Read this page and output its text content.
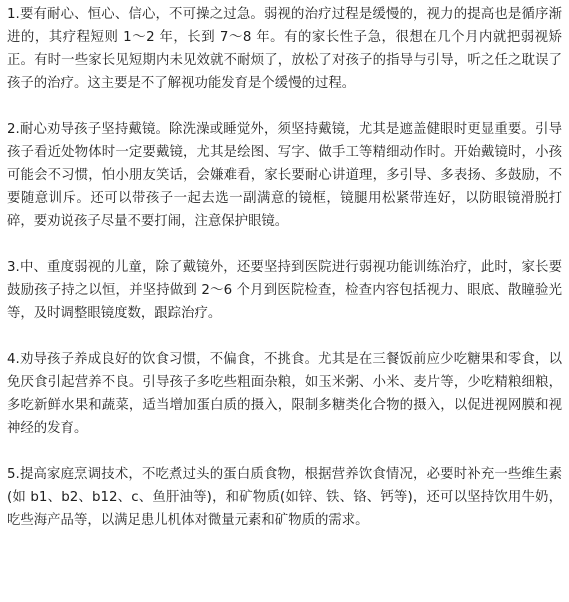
1.要有耐心、恒心、信心，不可操之过急。弱视的治疗过程是缓慢的，视力的提高也是循序渐进的，其疗程短则 1～2 年，长到 7～8 年。有的家长性子急，很想在几个月内就把弱视矫正。有时一些家长见短期内未见效就不耐烦了，放松了对孩子的指导与引导，听之任之耽误了孩子的治疗。这主要是不了解视功能发育是个缓慢的过程。

2.耐心劝导孩子坚持戴镜。除洗澡或睡觉外，须坚持戴镜，尤其是遮盖健眼时更显重要。引导孩子看近处物体时一定要戴镜，尤其是绘图、写字、做手工等精细动作时。开始戴镜时，小孩可能会不习惯，怕小朋友笑话，会嫌难看，家长要耐心讲道理，多引导、多表扬、多鼓励，不要随意训斥。还可以带孩子一起去选一副满意的镜框，镜腿用松紧带连好，以防眼镜滑脱打碎，要劝说孩子尽量不要打闹，注意保护眼镜。

3.中、重度弱视的儿童，除了戴镜外，还要坚持到医院进行弱视功能训练治疗，此时，家长要鼓励孩子持之以恒，并坚持做到 2～6 个月到医院检查，检查内容包括视力、眼底、散瞳验光等，及时调整眼镜度数，跟踪治疗。

4.劝导孩子养成良好的饮食习惯，不偏食，不挑食。尤其是在三餐饭前应少吃糖果和零食，以免厌食引起营养不良。引导孩子多吃些粗面杂粮，如玉米粥、小米、麦片等，少吃精粮细粮，多吃新鲜水果和蔬菜，适当增加蛋白质的摄入，限制多糖类化合物的摄入，以促进视网膜和视神经的发育。

5.提高家庭烹调技术，不吃煮过头的蛋白质食物，根据营养饮食情况，必要时补充一些维生素(如 b1、b2、b12、c、鱼肝油等)，和矿物质(如锌、铁、铬、钙等)，还可以坚持饮用牛奶，吃些海产品等，以满足患儿机体对微量元素和矿物质的需求。
